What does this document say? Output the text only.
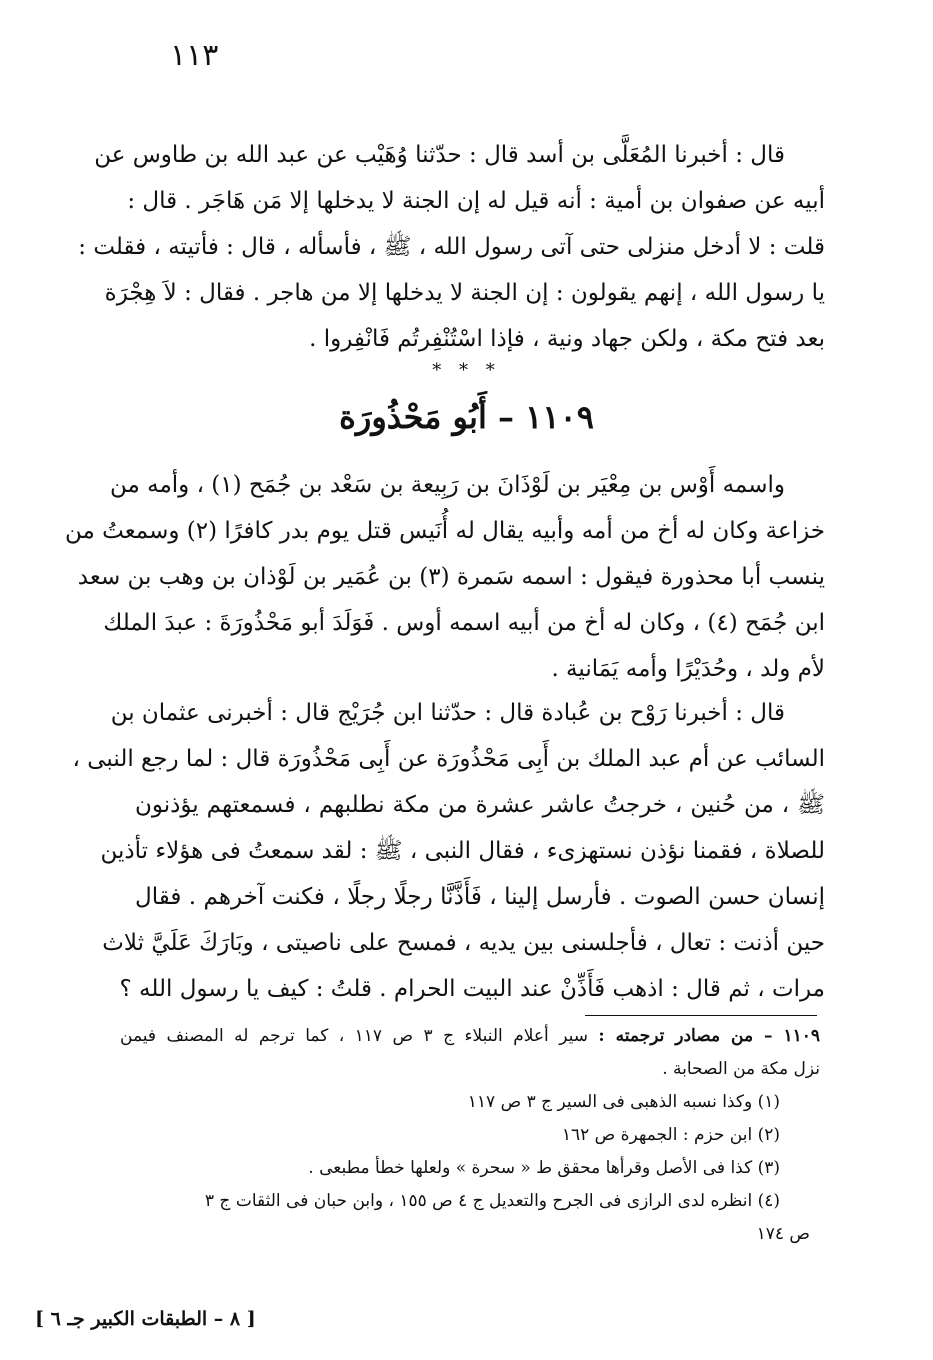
١١٣
قال : أخبرنا المُعَلَّى بن أسد قال : حدّثنا وُهَيْب عن عبد الله بن طاوس عن
أبيه عن صفوان بن أمية : أنه قيل له إن الجنة لا يدخلها إلا مَن هَاجَر . قال :
قلت : لا أدخل منزلى حتى آتى رسول الله ، ﷺ ، فأسأله ، قال : فأتيته ، فقلت :
يا رسول الله ، إنهم يقولون : إن الجنة لا يدخلها إلا من هاجر . فقال : لاَ هِجْرَة
بعد فتح مكة ، ولكن جهاد ونية ، فإذا اسْتُنْفِرتُم فَانْفِروا .
* * *
١١٠٩ – أَبُو مَحْذُورَة
واسمه أَوْس بن مِعْيَر بن لَوْذَانَ بن رَبِيعة بن سَعْد بن جُمَح (١) ، وأمه من
خزاعة وكان له أخ من أمه وأبيه يقال له أُنَيس قتل يوم بدر كافرًا (٢) وسمعتُ من
ينسب أبا محذورة فيقول : اسمه سَمرة (٣) بن عُمَير بن لَوْذان بن وهب بن سعد
ابن جُمَح (٤) ، وكان له أخ من أبيه اسمه أوس . فَوَلَدَ أبو مَحْذُورَةَ : عبدَ الملك
لأم ولد ، وحُدَيْرًا وأمه يَمَانية .
قال : أخبرنا رَوْح بن عُبادة قال : حدّثنا ابن جُرَيْج قال : أخبرنى عثمان بن
السائب عن أم عبد الملك بن أَبِى مَحْذُورَة عن أَبِى مَحْذُورَة قال : لما رجع النبى ،
ﷺ ، من حُنين ، خرجتُ عاشر عشرة من مكة نطلبهم ، فسمعتهم يؤذنون
للصلاة ، فقمنا نؤذن نستهزىء ، فقال النبى ، ﷺ : لقد سمعتُ فى هؤلاء تأذين
إنسان حسن الصوت . فأرسل إلينا ، فَأَذَّنَّا رجلًا رجلًا ، فكنت آخرهم . فقال
حين أذنت : تعال ، فأجلسنى بين يديه ، فمسح على ناصيتى ، وبَارَكَ عَلَيَّ ثلاث
مرات ، ثم قال : اذهب فَأَذِّنْ عند البيت الحرام . قلتُ : كيف يا رسول الله ؟
١١٠٩ – من مصادر ترجمته : سير أعلام النبلاء ج ٣ ص ١١٧ ، كما ترجم له المصنف فيمن
نزل مكة من الصحابة .
(١) وكذا نسبه الذهبى فى السير ج ٣ ص ١١٧
(٢) ابن حزم : الجمهرة ص ١٦٢
(٣) كذا فى الأصل وقرأها محقق ط « سحرة » ولعلها خطأ مطبعى .
(٤) انظره لدى الرازى فى الجرح والتعديل ج ٤ ص ١٥٥ ، وابن حبان فى الثقات ج ٣
ص ١٧٤
[ ٨ – الطبقات الكبير جـ ٦ ]
